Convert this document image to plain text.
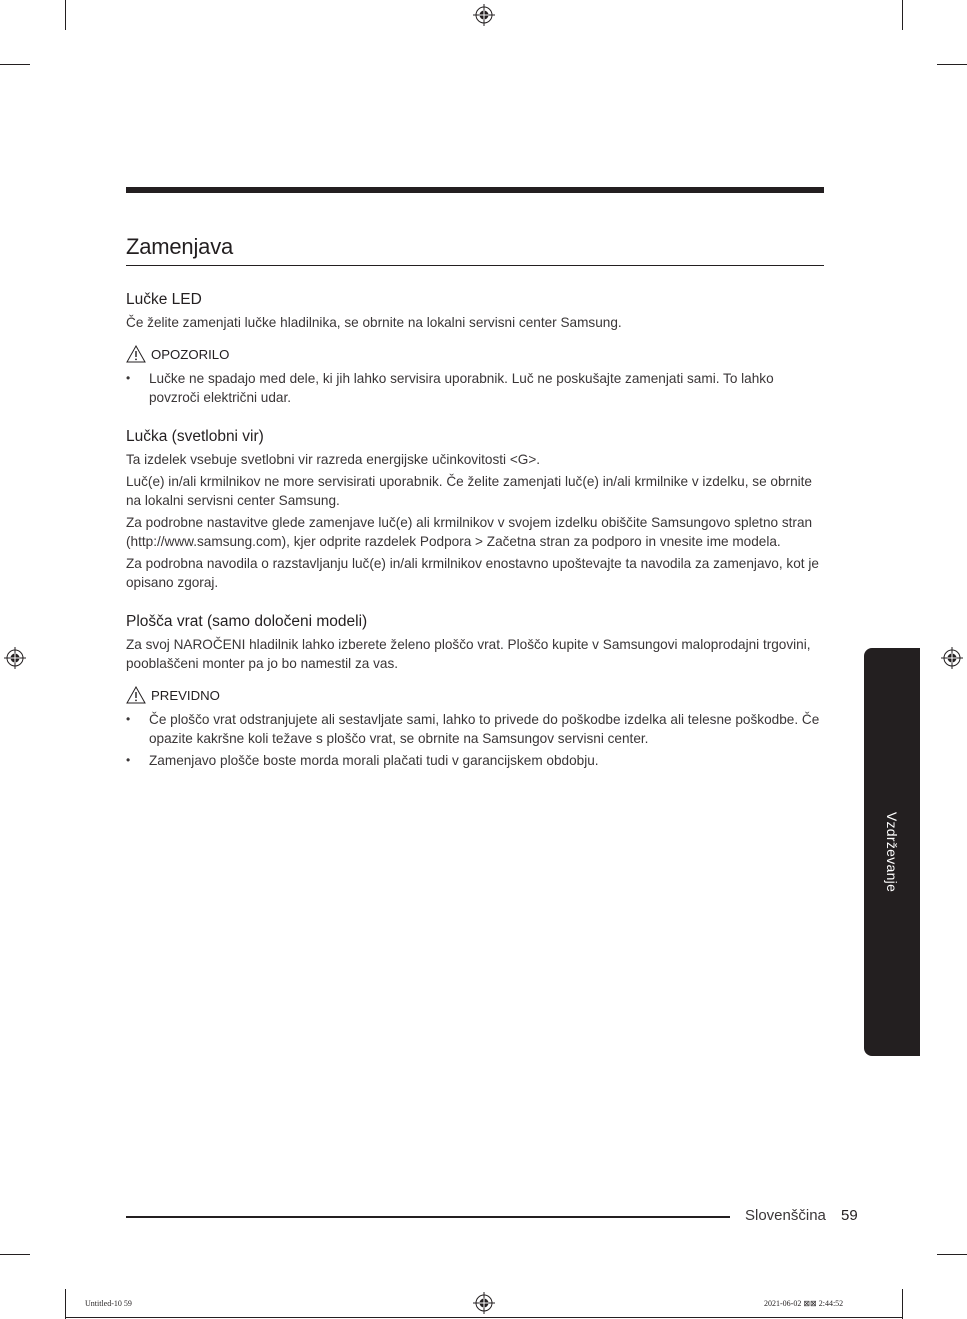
Zamenjava
Lučke LED

Če želite zamenjati lučke hladilnika, se obrnite na lokalni servisni center Samsung.

OPOZORILO
• Lučke ne spadajo med dele, ki jih lahko servisira uporabnik. Luč ne poskušajte zamenjati sami. To lahko povzroči električni udar.
Lučka (svetlobni vir)

Ta izdelek vsebuje svetlobni vir razreda energijske učinkovitosti <G>.

Luč(e) in/ali krmilnikov ne more servisirati uporabnik. Če želite zamenjati luč(e) in/ali krmilnike v izdelku, se obrnite na lokalni servisni center Samsung.

Za podrobne nastavitve glede zamenjave luč(e) ali krmilnikov v svojem izdelku obiščite Samsungovo spletno stran (http://www.samsung.com), kjer odprite razdelek Podpora > Začetna stran za podporo in vnesite ime modela.

Za podrobna navodila o razstavljanju luč(e) in/ali krmilnikov enostavno upoštevajte ta navodila za zamenjavo, kot je opisano zgoraj.

Plošča vrat (samo določeni modeli)

Za svoj NAROČENI hladilnik lahko izberete želeno ploščo vrat. Ploščo kupite v Samsungovi maloprodajni trgovini, pooblaščeni monter pa jo bo namestil za vas.

PREVIDNO
• Če ploščo vrat odstranjujete ali sestavljate sami, lahko to privede do poškodbe izdelka ali telesne poškodbe. Če opazite kakršne koli težave s ploščo vrat, se obrnite na Samsungov servisni center.
• Zamenjavo plošče boste morda morali plačati tudi v garancijskem obdobju.
Vzdrževanje
Slovenščina 59
Untitled-10 59	2021-06-02 ⊠⊠ 2:44:52
